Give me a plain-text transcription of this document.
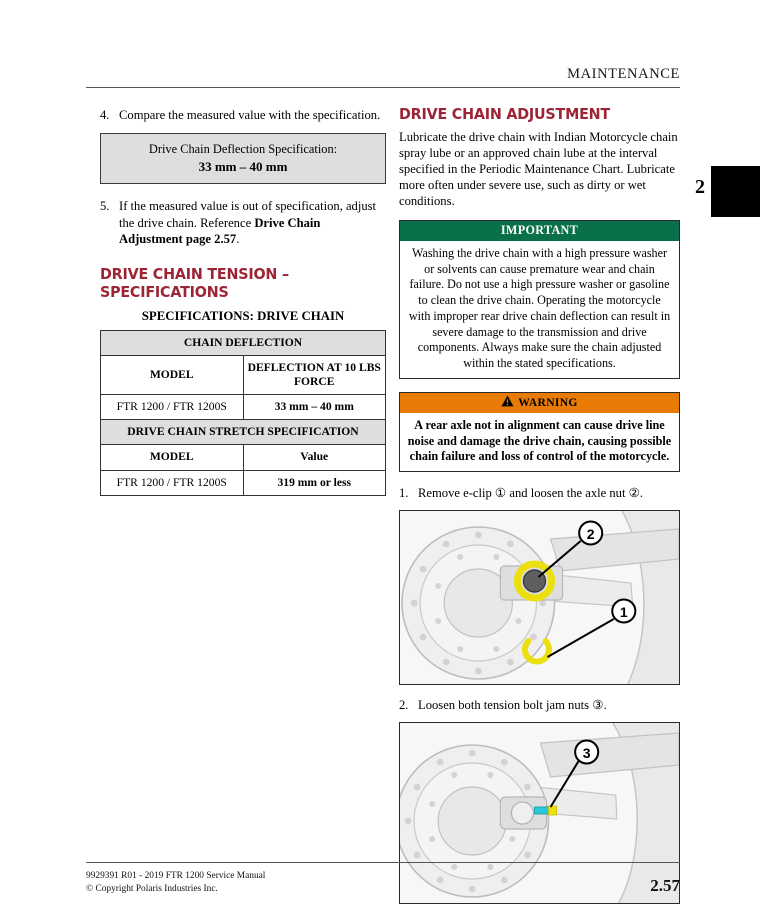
MAINTENANCE
2
4. Compare the measured value with the specification.
Drive Chain Deflection Specification:
33 mm – 40 mm
5. If the measured value is out of specification, adjust the drive chain. Reference Drive Chain Adjustment page 2.57.
DRIVE CHAIN TENSION – SPECIFICATIONS
SPECIFICATIONS: DRIVE CHAIN
CHAIN DEFLECTION	
MODEL	DEFLECTION AT 10 LBS FORCE
FTR 1200 / FTR 1200S	33 mm – 40 mm
DRIVE CHAIN STRETCH SPECIFICATION	
MODEL	Value
FTR 1200 / FTR 1200S	319 mm or less
DRIVE CHAIN ADJUSTMENT

Lubricate the drive chain with Indian Motorcycle chain spray lube or an approved chain lube at the interval specified in the Periodic Maintenance Chart. Lubricate more often under severe use, such as dirty or wet conditions.

IMPORTANT
Washing the drive chain with a high pressure washer or solvents can cause premature wear and chain failure. Do not use a high pressure washer or gasoline to clean the drive chain. Operating the motorcycle with improper rear drive chain deflection can result in severe damage to the transmission and drive components. Always make sure the chain adjusted within the stated specifications.
WARNING
A rear axle not in alignment can cause drive line noise and damage the drive chain, causing possible chain failure and loss of control of the motorcycle.
1. Remove e-clip ① and loosen the axle nut ②.
2
1
2. Loosen both tension bolt jam nuts ③.
3
9929391 R01 - 2019 FTR 1200 Service Manual
© Copyright Polaris Industries Inc.	2.57
